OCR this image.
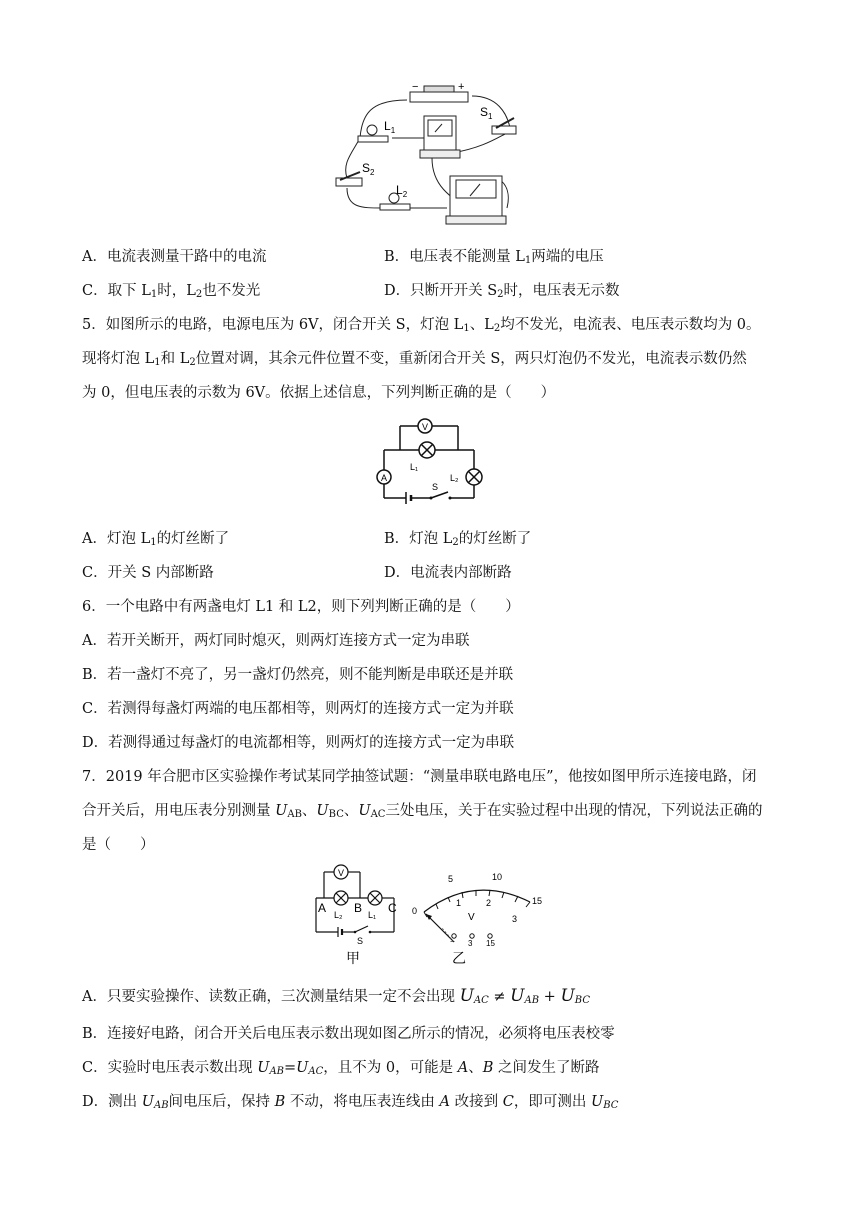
−	+
$S_1$
$L_1$
$S_2$
$L_2$
A．电流表测量干路中的电流	B．电压表不能测量 $L_1$两端的电压
C．取下 $L_1$时，$L_2$也不发光	D．只断开开关 $S_2$时，电压表无示数
5．如图所示的电路，电源电压为 6V，闭合开关 S，灯泡 $L_1$、$L_2$均不发光，电流表、电压表示数均为 0。
现将灯泡 $L_1$和 $L_2$位置对调，其余元件位置不变，重新闭合开关 S，两只灯泡仍不发光，电流表示数仍然
为 0，但电压表的示数为 6V。依据上述信息，下列判断正确的是（　　）
V
L₁
A	L₂
S
A．灯泡 $L_1$的灯丝断了	B．灯泡 $L_2$的灯丝断了
C．开关 S 内部断路	D．电流表内部断路
6．一个电路中有两盏电灯 L1 和 L2，则下列判断正确的是（　　）
A．若开关断开，两灯同时熄灭，则两灯连接方式一定为串联
B．若一盏灯不亮了，另一盏灯仍然亮，则不能判断是串联还是并联
C．若测得每盏灯两端的电压都相等，则两灯的连接方式一定为并联
D．若测得通过每盏灯的电流都相等，则两灯的连接方式一定为串联
7．2019 年合肥市区实验操作考试某同学抽签试题：“测量串联电路电压”，他按如图甲所示连接电路，闭
合开关后，用电压表分别测量 $U_{AB}$、$U_{BC}$、$U_{AC}$三处电压，关于在实验过程中出现的情况，下列说法正确的
是（　　）
V
A B C
L₂	L₁
S
甲
0
5	10
15
1	2
3
V
− 3 15
乙
A．只要实验操作、读数正确，三次测量结果一定不会出现 $U_{AC} \ne U_{AB} + U_{BC}$
B．连接好电路，闭合开关后电压表示数出现如图乙所示的情况，必须将电压表校零
C．实验时电压表示数出现 $U_{AB}=U_{AC}$，且不为 0，可能是 A、B 之间发生了断路
D．测出 $U_{AB}$间电压后，保持 B 不动，将电压表连线由 A 改接到 C，即可测出 $U_{BC}$
